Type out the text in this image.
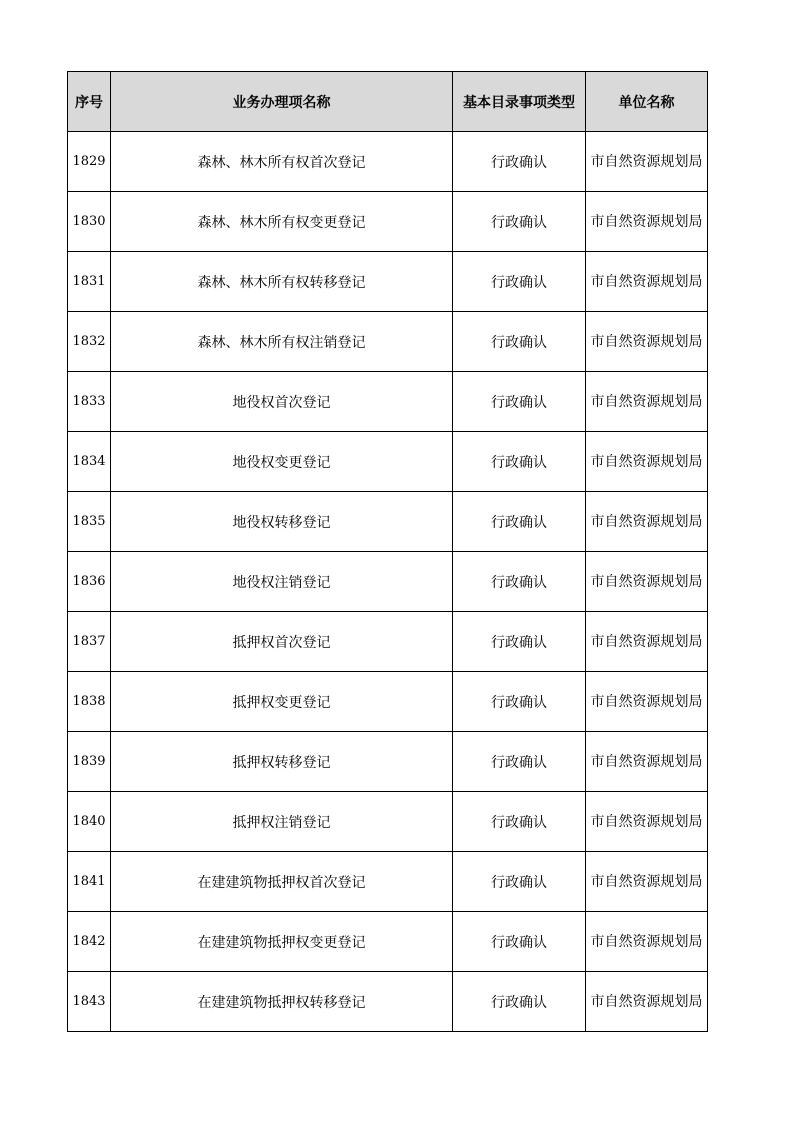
序号	业务办理项名称	基本目录事项类型	单位名称
1829	森林、林木所有权首次登记	行政确认	市自然资源规划局
1830	森林、林木所有权变更登记	行政确认	市自然资源规划局
1831	森林、林木所有权转移登记	行政确认	市自然资源规划局
1832	森林、林木所有权注销登记	行政确认	市自然资源规划局
1833	地役权首次登记	行政确认	市自然资源规划局
1834	地役权变更登记	行政确认	市自然资源规划局
1835	地役权转移登记	行政确认	市自然资源规划局
1836	地役权注销登记	行政确认	市自然资源规划局
1837	抵押权首次登记	行政确认	市自然资源规划局
1838	抵押权变更登记	行政确认	市自然资源规划局
1839	抵押权转移登记	行政确认	市自然资源规划局
1840	抵押权注销登记	行政确认	市自然资源规划局
1841	在建建筑物抵押权首次登记	行政确认	市自然资源规划局
1842	在建建筑物抵押权变更登记	行政确认	市自然资源规划局
1843	在建建筑物抵押权转移登记	行政确认	市自然资源规划局
